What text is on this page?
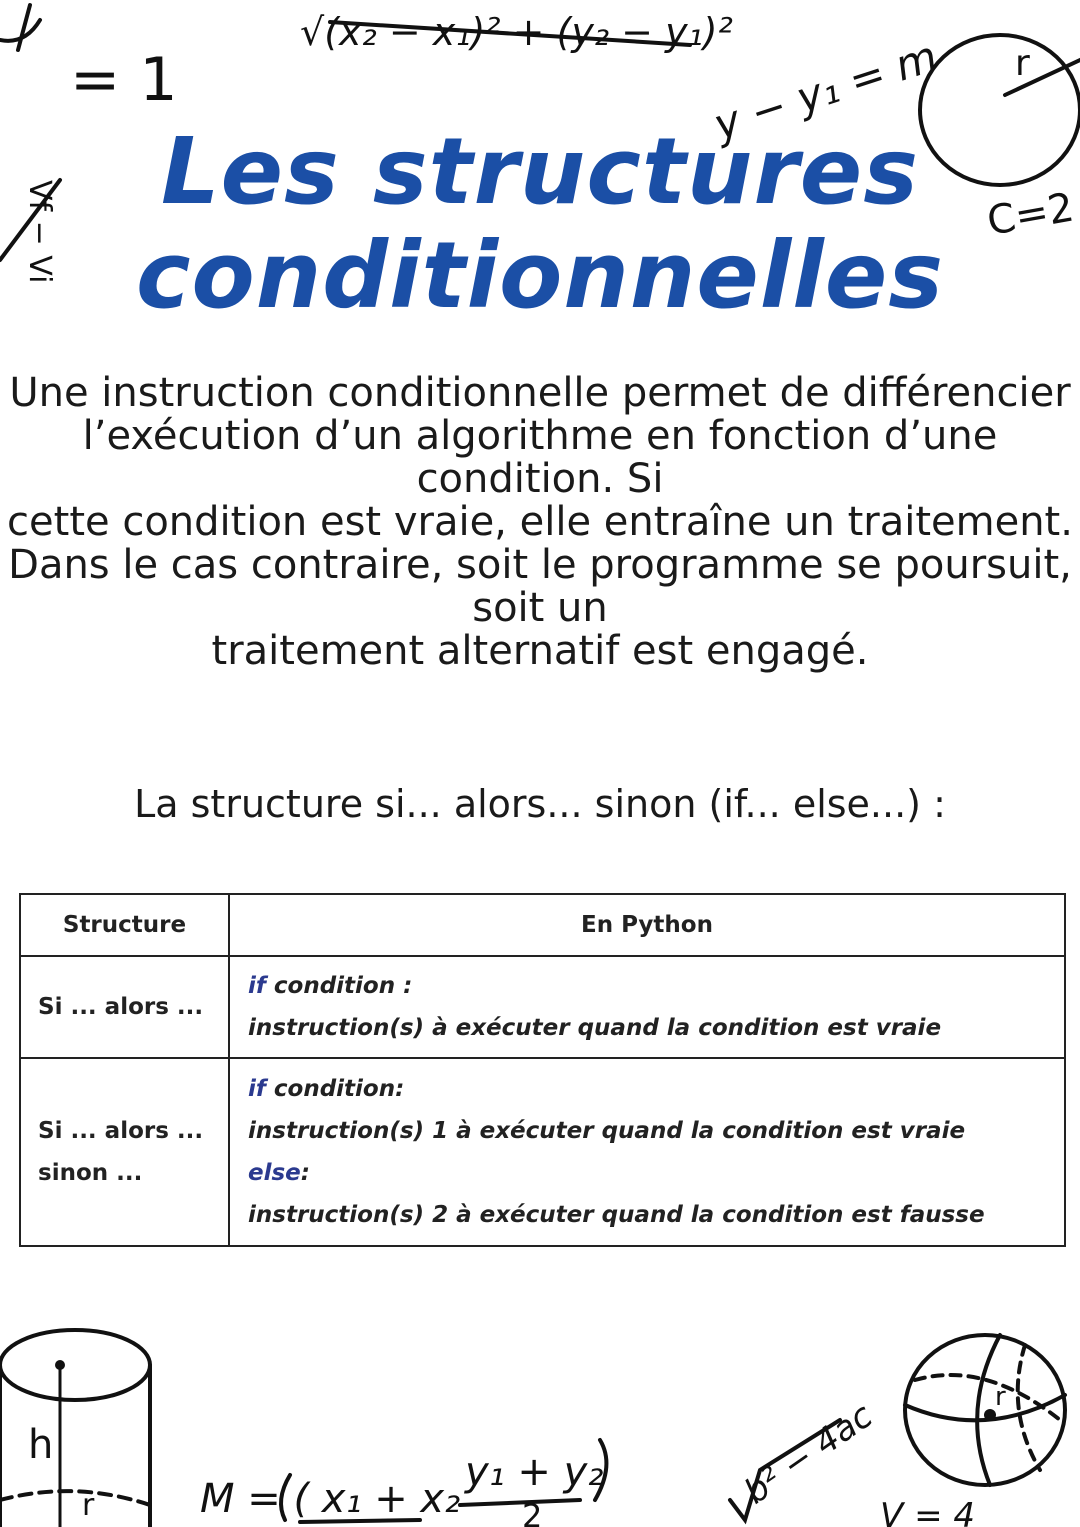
= 1
√(x₂ − x₁)² + (y₂ − y₁)²
y − y₁ = m r
C=2
Vf − Vi
h
r	M = ( x₁ + x₂
y₁ + y₂
2
b² − 4ac	r
V = 4
Les structures
conditionnelles
Une instruction conditionnelle permet de différencier
l’exécution d’un algorithme en fonction d’une
condition. Si
cette condition est vraie, elle entraîne un traitement.
Dans le cas contraire, soit le programme se poursuit,
soit un
traitement alternatif est engagé.
La structure si... alors... sinon (if... else...) :
Structure	En Python

Si ... alors ...	if condition :
instruction(s) à exécuter quand la condition est vraie

Si ... alors ...
sinon ...	if condition:
instruction(s) 1 à exécuter quand la condition est vraie
else:
instruction(s) 2 à exécuter quand la condition est fausse
